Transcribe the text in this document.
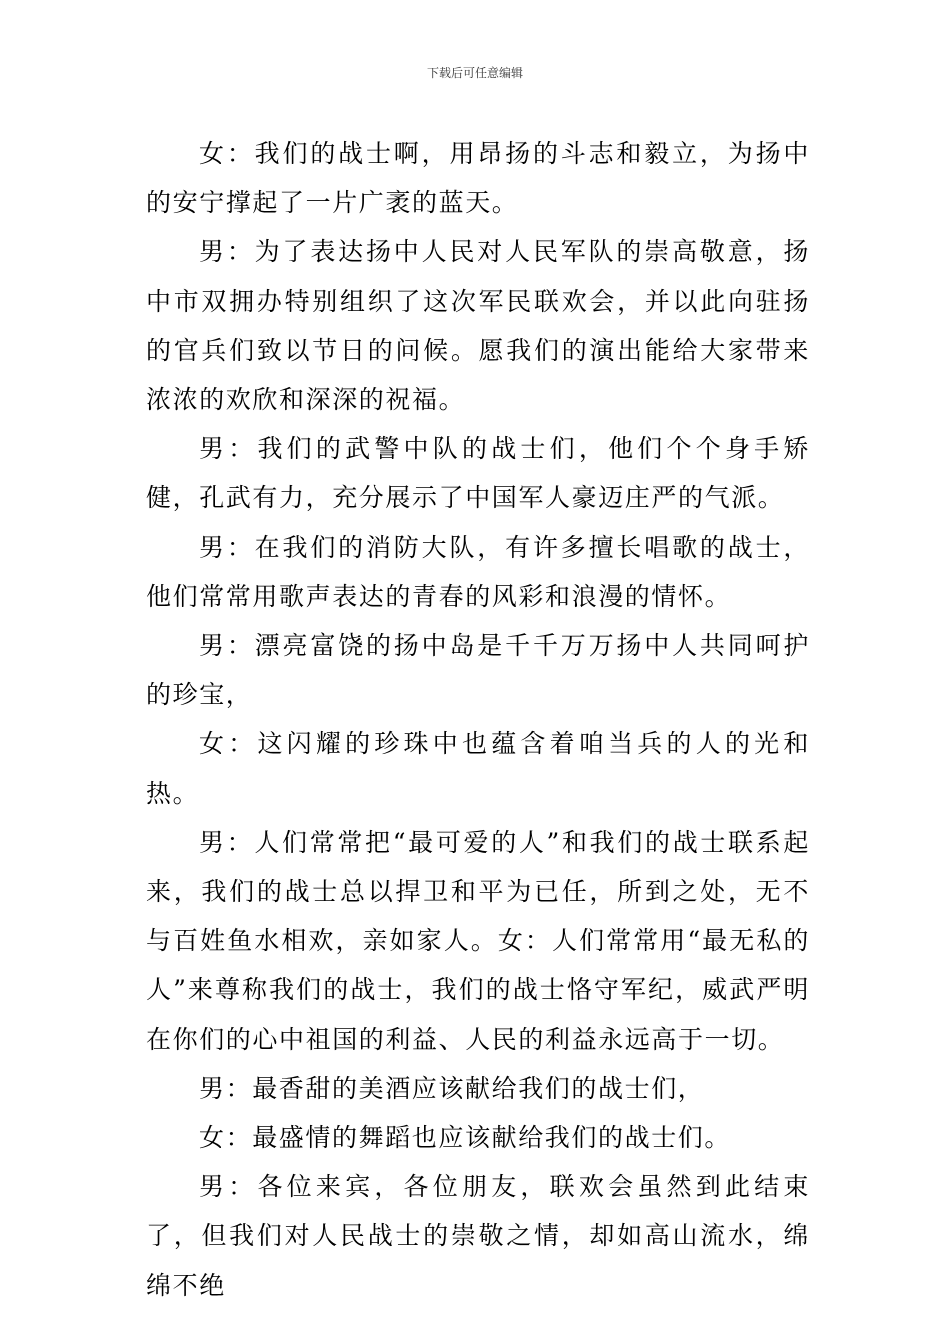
下载后可任意编辑

女：我们的战士啊，用昂扬的斗志和毅立，为扬中的安宁撑起了一片广袤的蓝天。

男：为了表达扬中人民对人民军队的崇高敬意，扬中市双拥办特别组织了这次军民联欢会，并以此向驻扬的官兵们致以节日的问候。愿我们的演出能给大家带来浓浓的欢欣和深深的祝福。

男：我们的武警中队的战士们，他们个个身手矫健，孔武有力，充分展示了中国军人豪迈庄严的气派。

男：在我们的消防大队，有许多擅长唱歌的战士，他们常常用歌声表达的青春的风彩和浪漫的情怀。

男：漂亮富饶的扬中岛是千千万万扬中人共同呵护的珍宝，

女：这闪耀的珍珠中也蕴含着咱当兵的人的光和热。

男：人们常常把“最可爱的人”和我们的战士联系起来，我们的战士总以捍卫和平为已任，所到之处，无不与百姓鱼水相欢，亲如家人。女：人们常常用“最无私的人”来尊称我们的战士，我们的战士恪守军纪，威武严明在你们的心中祖国的利益、人民的利益永远高于一切。

男：最香甜的美酒应该献给我们的战士们，

女：最盛情的舞蹈也应该献给我们的战士们。

男：各位来宾，各位朋友，联欢会虽然到此结束了，但我们对人民战士的崇敬之情，却如高山流水，绵绵不绝
